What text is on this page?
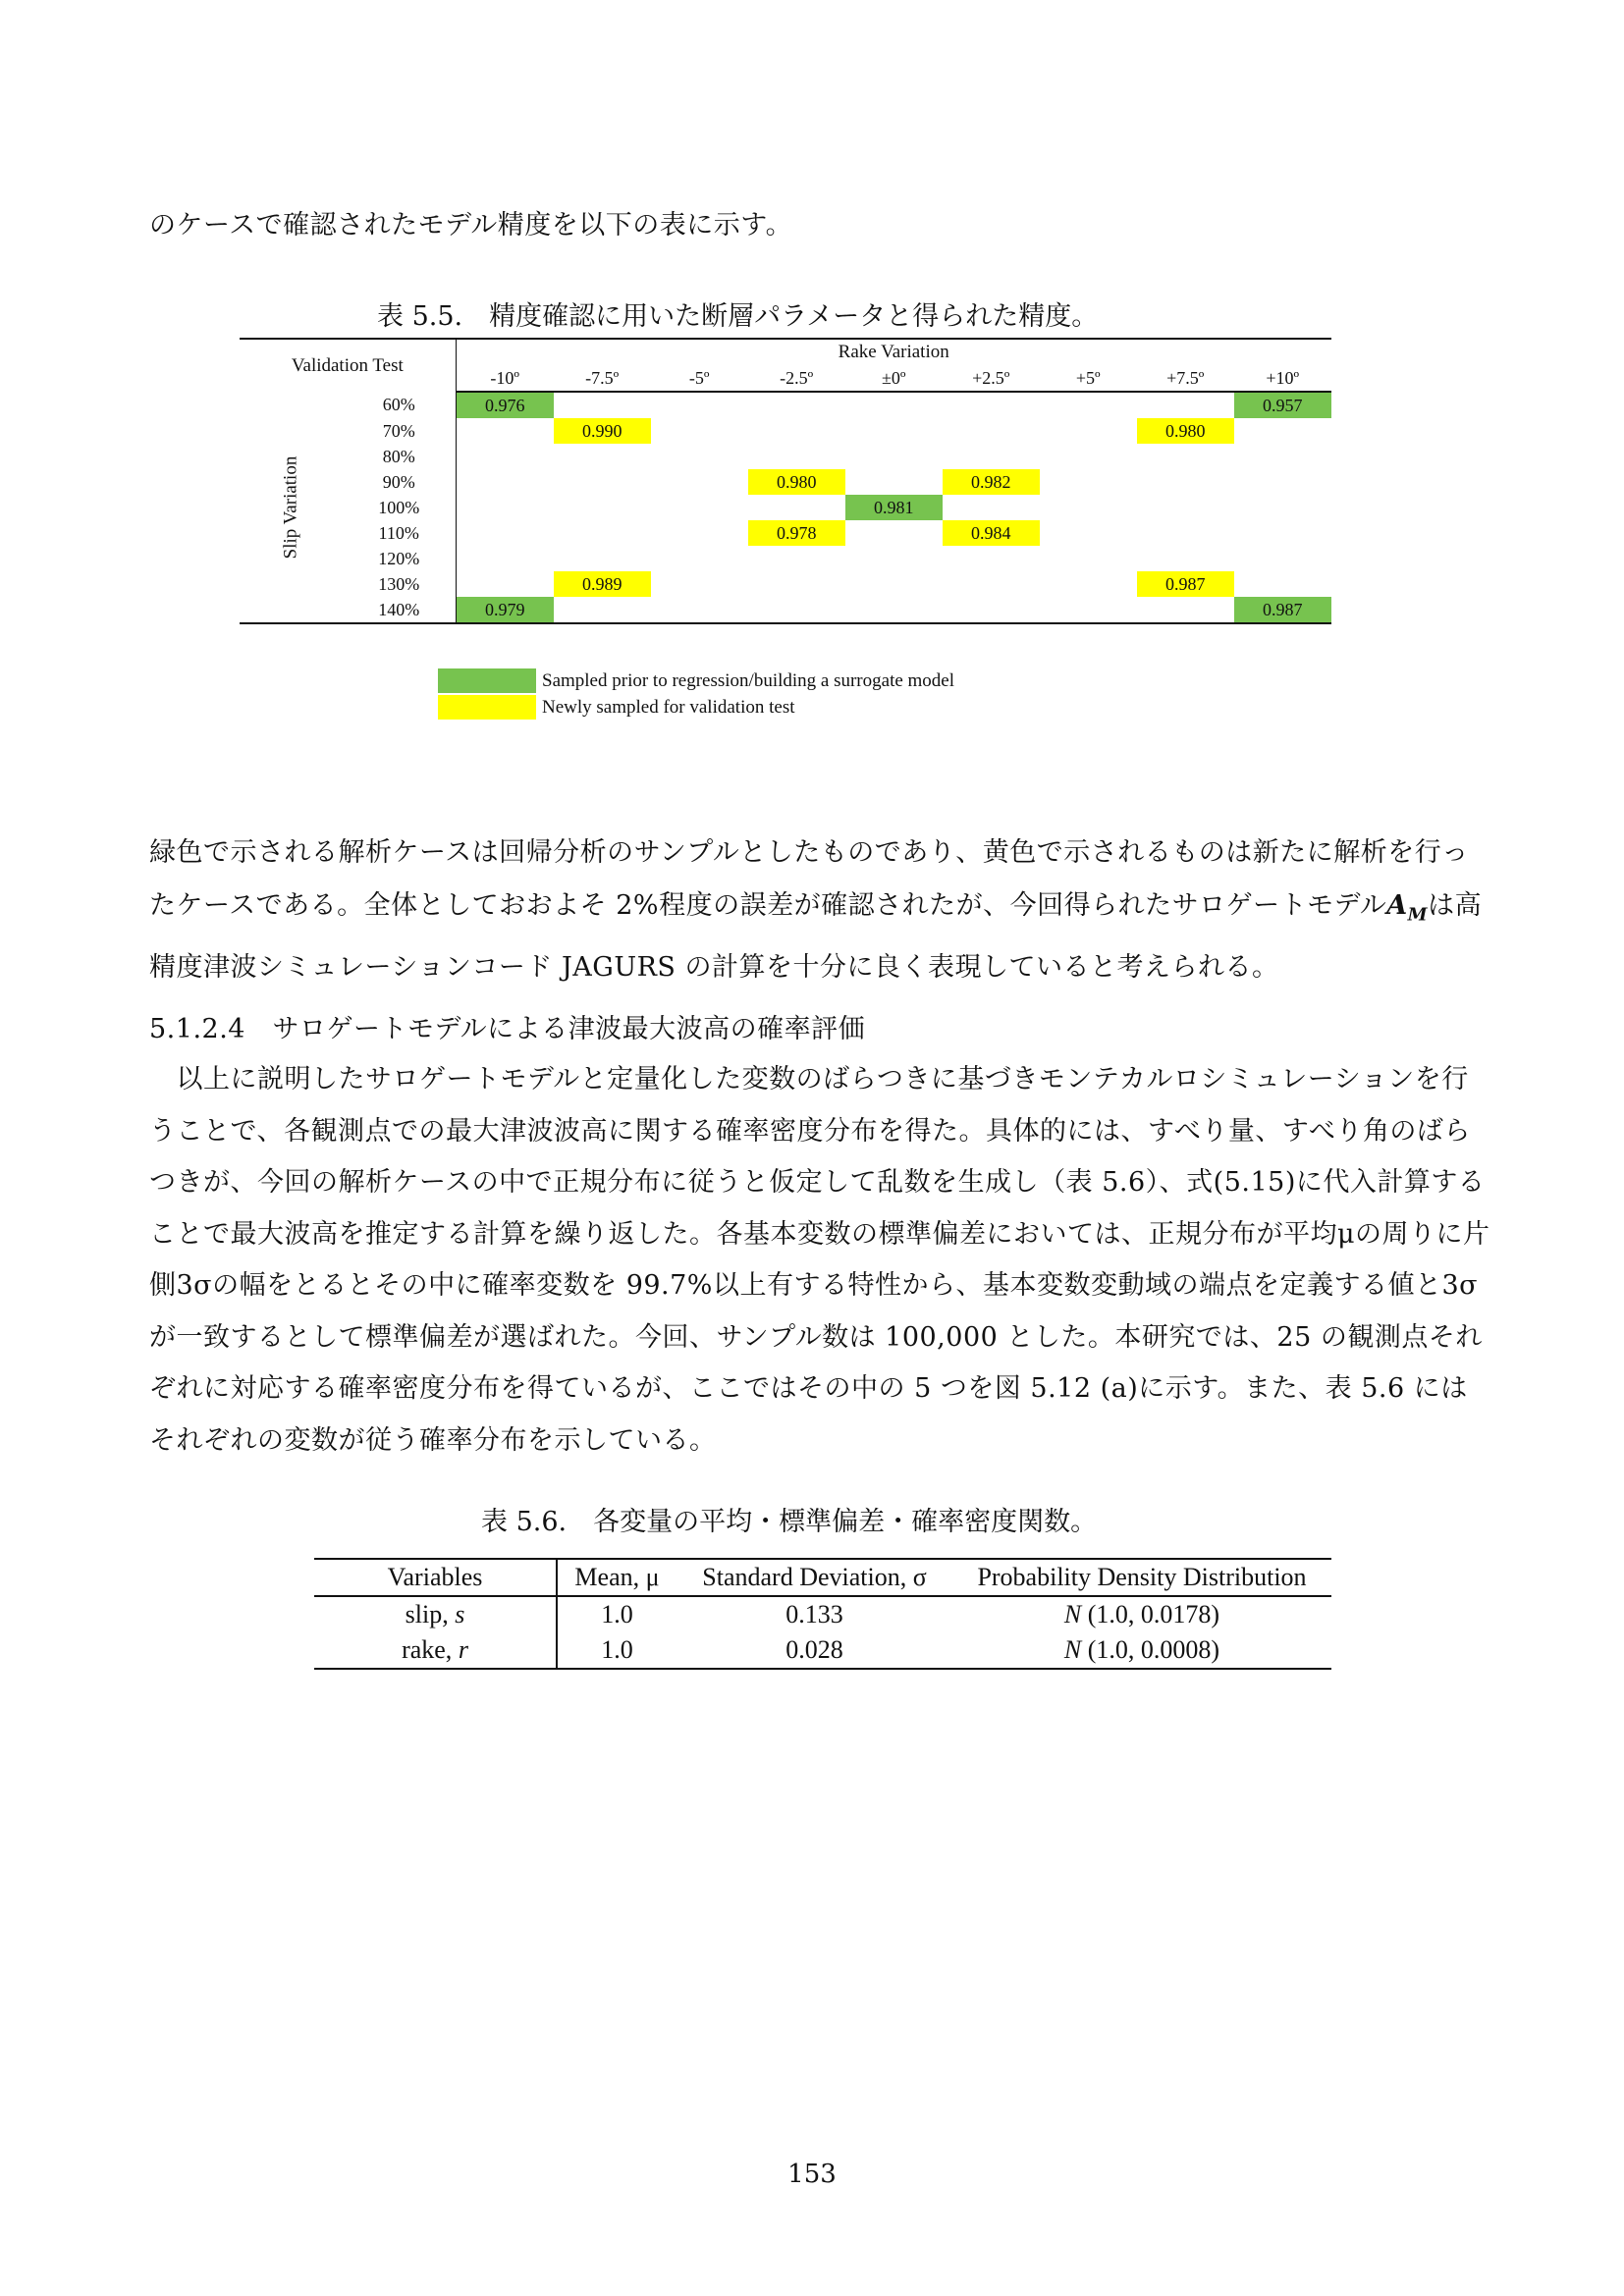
のケースで確認されたモデル精度を以下の表に示す。
表 5.5.　精度確認に用いた断層パラメータと得られた精度。
Validation Test		Rake Variation								
		-10º	-7.5º	-5º	-2.5º	±0º	+2.5º	+5º	+7.5º	+10º
Slip Variation	60%	0.976								0.957
	70%		0.990						0.980	
	80%									
	90%				0.980		0.982			
	100%					0.981				
	110%				0.978		0.984			
	120%									
	130%		0.989						0.987	
	140%	0.979								0.987
Sampled prior to regression/building a surrogate model
Newly sampled for validation test
緑色で示される解析ケースは回帰分析のサンプルとしたものであり、黄色で示されるものは新たに解析を行ったケースである。全体としておおよそ 2%程度の誤差が確認されたが、今回得られたサロゲートモデル$A_M$は高精度津波シミュレーションコード JAGURS の計算を十分に良く表現していると考えられる。
5.1.2.4　サロゲートモデルによる津波最大波高の確率評価
　以上に説明したサロゲートモデルと定量化した変数のばらつきに基づきモンテカルロシミュレーションを行うことで、各観測点での最大津波波高に関する確率密度分布を得た。具体的には、すべり量、すべり角のばらつきが、今回の解析ケースの中で正規分布に従うと仮定して乱数を生成し（表 5.6）、式(5.15)に代入計算することで最大波高を推定する計算を繰り返した。各基本変数の標準偏差においては、正規分布が平均μの周りに片側3σの幅をとるとその中に確率変数を 99.7%以上有する特性から、基本変数変動域の端点を定義する値と3σが一致するとして標準偏差が選ばれた。今回、サンプル数は 100,000 とした。本研究では、25 の観測点それぞれに対応する確率密度分布を得ているが、ここではその中の 5 つを図 5.12 (a)に示す。また、表 5.6 にはそれぞれの変数が従う確率分布を示している。
表 5.6.　各変量の平均・標準偏差・確率密度関数。
Variables	Mean, μ	Standard Deviation, σ	Probability Density Distribution
slip, s	1.0	0.133	N (1.0, 0.0178)
rake, r	1.0	0.028	N (1.0, 0.0008)
153
